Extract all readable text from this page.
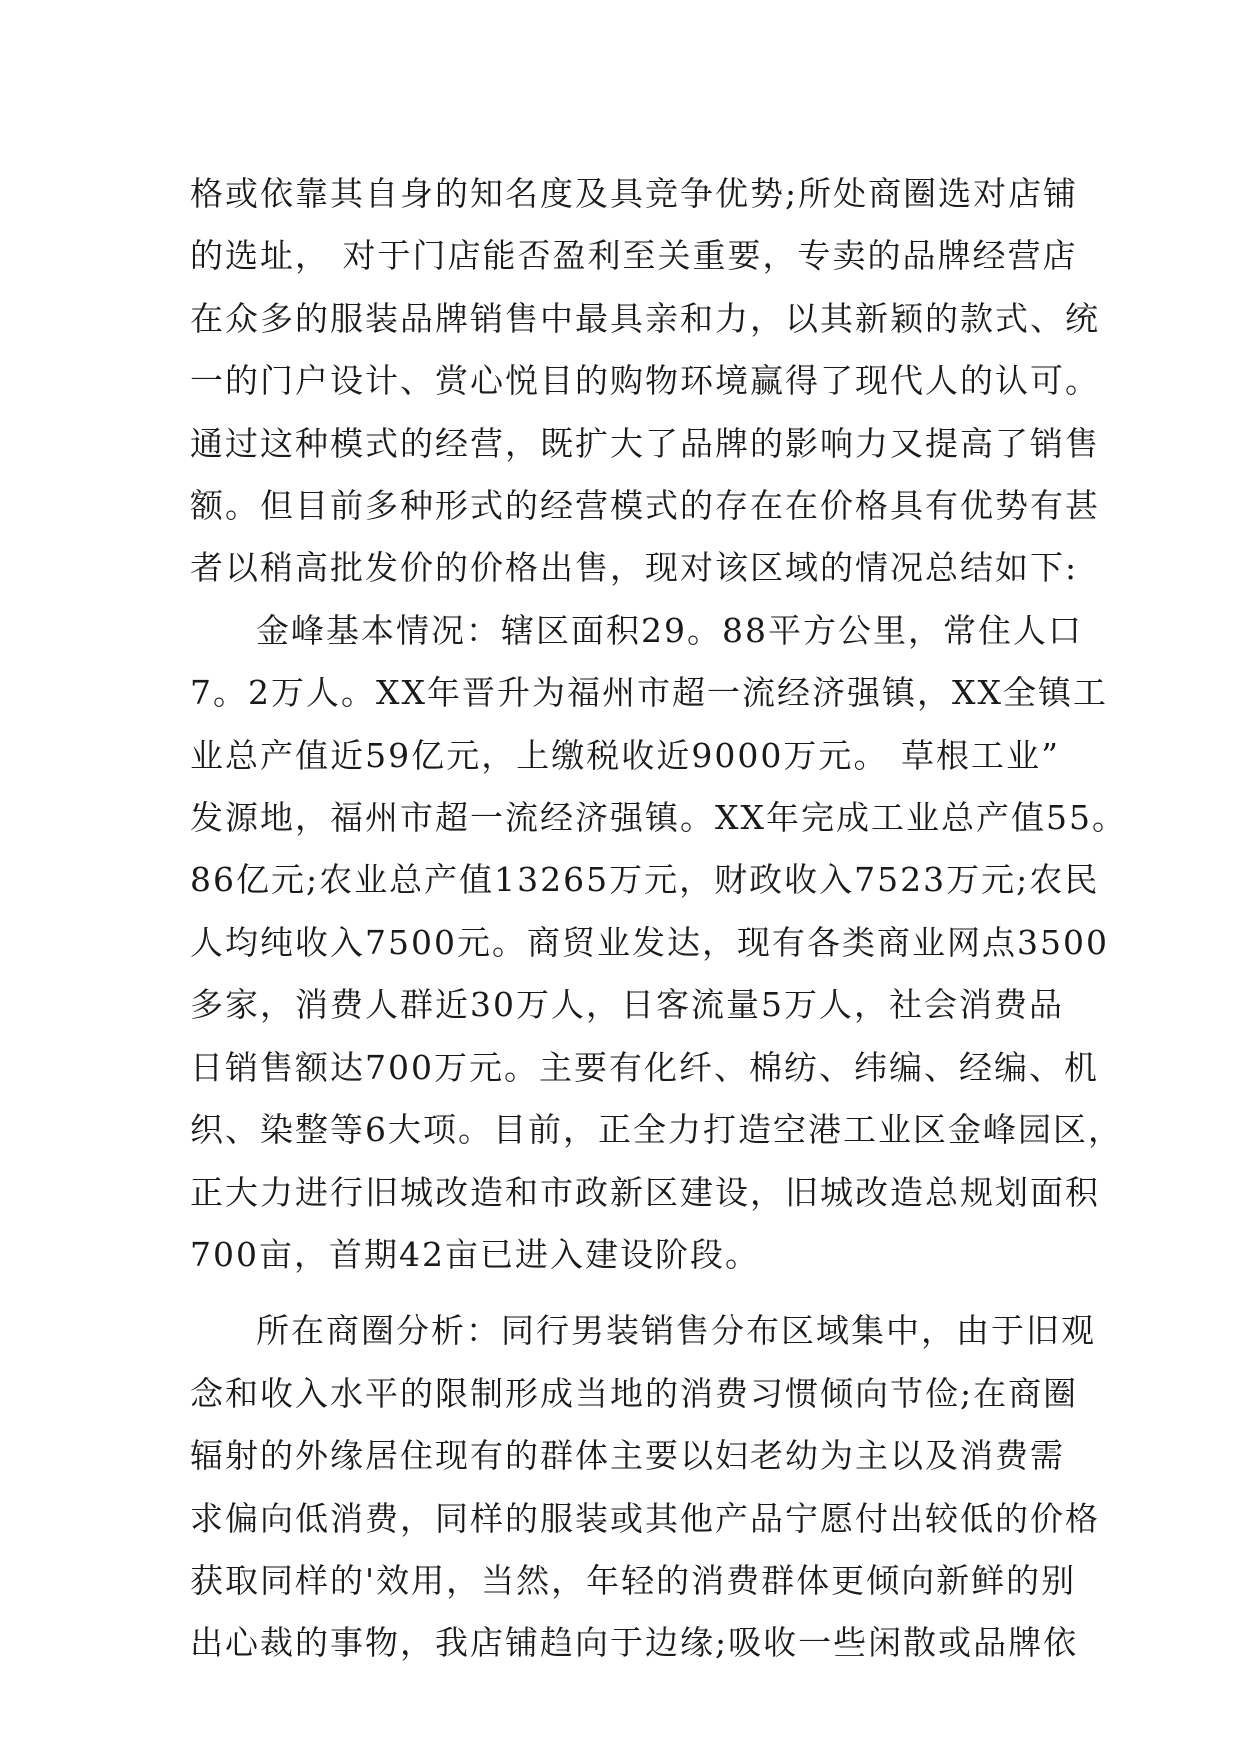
格或依靠其自身的知名度及具竞争优势;所处商圈选对店铺
的选址， 对于门店能否盈利至关重要，专卖的品牌经营店
在众多的服装品牌销售中最具亲和力，以其新颖的款式、统
一的门户设计、赏心悦目的购物环境赢得了现代人的认可。
通过这种模式的经营，既扩大了品牌的影响力又提高了销售
额。但目前多种形式的经营模式的存在在价格具有优势有甚
者以稍高批发价的价格出售，现对该区域的情况总结如下:
金峰基本情况：辖区面积29。88平方公里，常住人口
7。2万人。XX年晋升为福州市超一流经济强镇，XX全镇工
业总产值近59亿元，上缴税收近9000万元。 草根工业”
发源地，福州市超一流经济强镇。XX年完成工业总产值55。
86亿元;农业总产值13265万元，财政收入7523万元;农民
人均纯收入7500元。商贸业发达，现有各类商业网点3500
多家，消费人群近30万人，日客流量5万人，社会消费品
日销售额达700万元。主要有化纤、棉纺、纬编、经编、机
织、染整等6大项。目前，正全力打造空港工业区金峰园区，
正大力进行旧城改造和市政新区建设，旧城改造总规划面积
700亩，首期42亩已进入建设阶段。
所在商圈分析：同行男装销售分布区域集中，由于旧观
念和收入水平的限制形成当地的消费习惯倾向节俭;在商圈
辐射的外缘居住现有的群体主要以妇老幼为主以及消费需
求偏向低消费，同样的服装或其他产品宁愿付出较低的价格
获取同样的'效用，当然，年轻的消费群体更倾向新鲜的别
出心裁的事物，我店铺趋向于边缘;吸收一些闲散或品牌依
